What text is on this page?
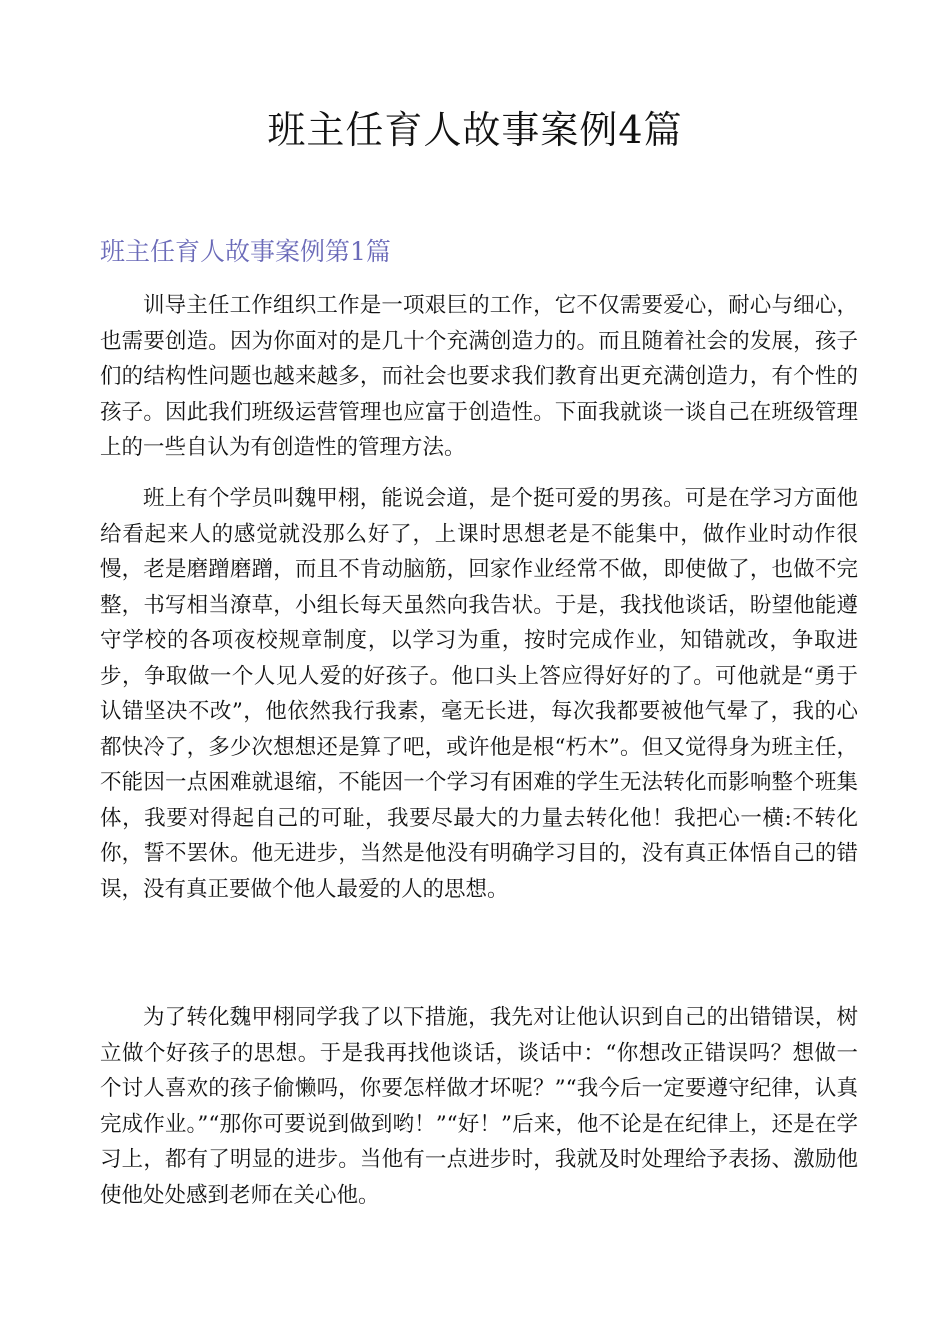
班主任育人故事案例4篇
班主任育人故事案例第1篇

训导主任工作组织工作是一项艰巨的工作，它不仅需要爱心，耐心与细心，也需要创造。因为你面对的是几十个充满创造力的。而且随着社会的发展，孩子们的结构性问题也越来越多，而社会也要求我们教育出更充满创造力，有个性的孩子。因此我们班级运营管理也应富于创造性。下面我就谈一谈自己在班级管理上的一些自认为有创造性的管理方法。

班上有个学员叫魏甲栩，能说会道，是个挺可爱的男孩。可是在学习方面他给看起来人的感觉就没那么好了，上课时思想老是不能集中，做作业时动作很慢，老是磨蹭磨蹭，而且不肯动脑筋，回家作业经常不做，即使做了，也做不完整，书写相当潦草，小组长每天虽然向我告状。于是，我找他谈话，盼望他能遵守学校的各项夜校规章制度，以学习为重，按时完成作业，知错就改，争取进步，争取做一个人见人爱的好孩子。他口头上答应得好好的了。可他就是“勇于认错坚决不改”，他依然我行我素，毫无长进，每次我都要被他气晕了，我的心都快冷了，多少次想想还是算了吧，或许他是根“朽木”。但又觉得身为班主任，不能因一点困难就退缩，不能因一个学习有困难的学生无法转化而影响整个班集体，我要对得起自己的可耻，我要尽最大的力量去转化他！我把心一横:不转化你，誓不罢休。他无进步，当然是他没有明确学习目的，没有真正体悟自己的错误，没有真正要做个他人最爱的人的思想。

为了转化魏甲栩同学我了以下措施，我先对让他认识到自己的出错错误，树立做个好孩子的思想。于是我再找他谈话，谈话中：“你想改正错误吗？想做一个讨人喜欢的孩子偷懒吗，你要怎样做才坏呢？”“我今后一定要遵守纪律，认真完成作业。”“那你可要说到做到哟！”“好！”后来，他不论是在纪律上，还是在学习上，都有了明显的进步。当他有一点进步时，我就及时处理给予表扬、激励他使他处处感到老师在关心他。
